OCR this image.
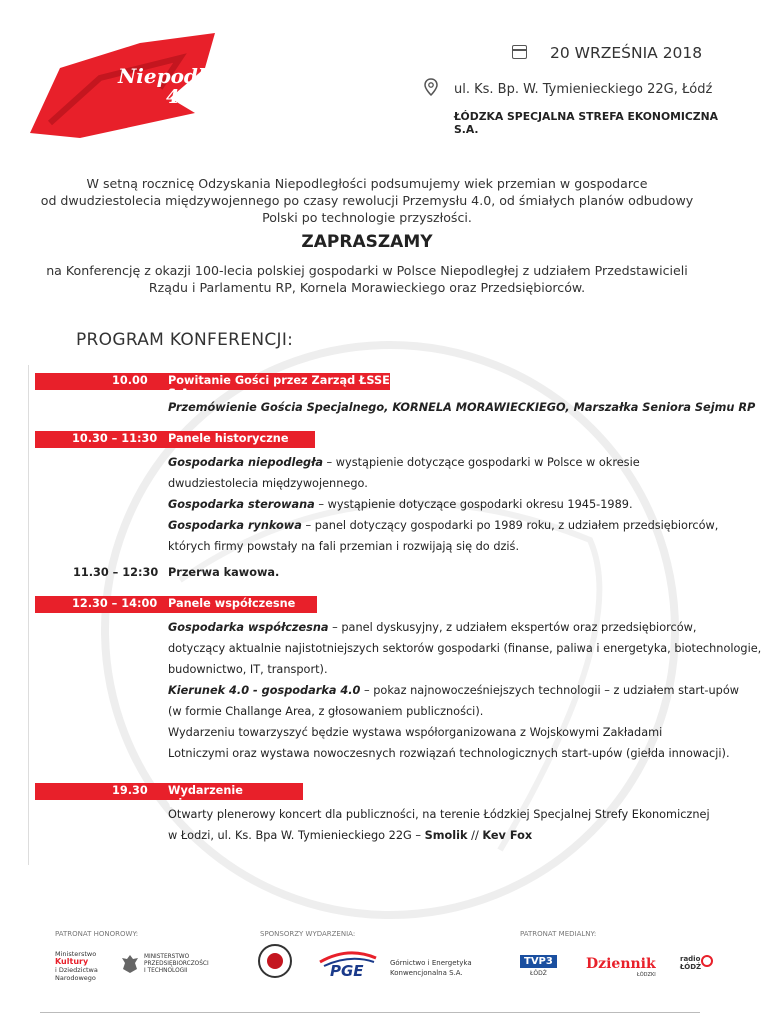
Niepodległa
4.0
20 WRZEŚNIA 2018
ul. Ks. Bp. W. Tymienieckiego 22G, Łódź
ŁÓDZKA SPECJALNA STREFA EKONOMICZNA S.A.
W setną rocznicę Odzyskania Niepodległości podsumujemy wiek przemian w gospodarce
od dwudziestolecia międzywojennego po czasy rewolucji Przemysłu 4.0, od śmiałych planów odbudowy
Polski po technologie przyszłości.
ZAPRASZAMY
na Konferencję z okazji 100-lecia polskiej gospodarki w Polsce Niepodległej z udziałem Przedstawicieli
Rządu i Parlamentu RP, Kornela Morawieckiego oraz Przedsiębiorców.
PROGRAM KONFERENCJI:
10.00 Powitanie Gości przez Zarząd ŁSSE S.A.
Przemówienie Gościa Specjalnego, KORNELA MORAWIECKIEGO, Marszałka Seniora Sejmu RP
10.30 – 11:30 Panele historyczne
Gospodarka niepodległa – wystąpienie dotyczące gospodarki w Polsce w okresie
dwudziestolecia międzywojennego.
Gospodarka sterowana – wystąpienie dotyczące gospodarki okresu 1945-1989.
Gospodarka rynkowa – panel dotyczący gospodarki po 1989 roku, z udziałem przedsiębiorców,
których firmy powstały na fali przemian i rozwijają się do dziś.
11.30 – 12:30 Przerwa kawowa.
12.30 – 14:00 Panele współczesne
Gospodarka współczesna – panel dyskusyjny, z udziałem ekspertów oraz przedsiębiorców,
dotyczący aktualnie najistotniejszych sektorów gospodarki (finanse, paliwa i energetyka, biotechnologie,
budownictwo, IT, transport).
Kierunek 4.0 - gospodarka 4.0 – pokaz najnowocześniejszych technologii – z udziałem start-upów
(w formie Challange Area, z głosowaniem publiczności).
Wydarzeniu towarzyszyć będzie wystawa współorganizowana z Wojskowymi Zakładami
Lotniczymi oraz wystawa nowoczesnych rozwiązań technologicznych start-upów (giełda innowacji).
19.30 Wydarzenie wieczorne
Otwarty plenerowy koncert dla publiczności, na terenie Łódzkiej Specjalnej Strefy Ekonomicznej
w Łodzi, ul. Ks. Bpa W. Tymienieckiego 22G – Smolik // Kev Fox
PATRONAT HONOROWY:	SPONSORZY WYDARZENIA:	PATRONAT MEDIALNY:
Ministerstwo
Kultury
i Dziedzictwa
Narodowego
MINISTERSTWO
PRZEDSIĘBIORCZOŚCI
I TECHNOLOGII	PGE	Górnictwo i Energetyka
Konwencjonalna S.A.
TVP3
ŁÓDŹ
Dziennik
ŁÓDZKI
radio
ŁÓDŹ
